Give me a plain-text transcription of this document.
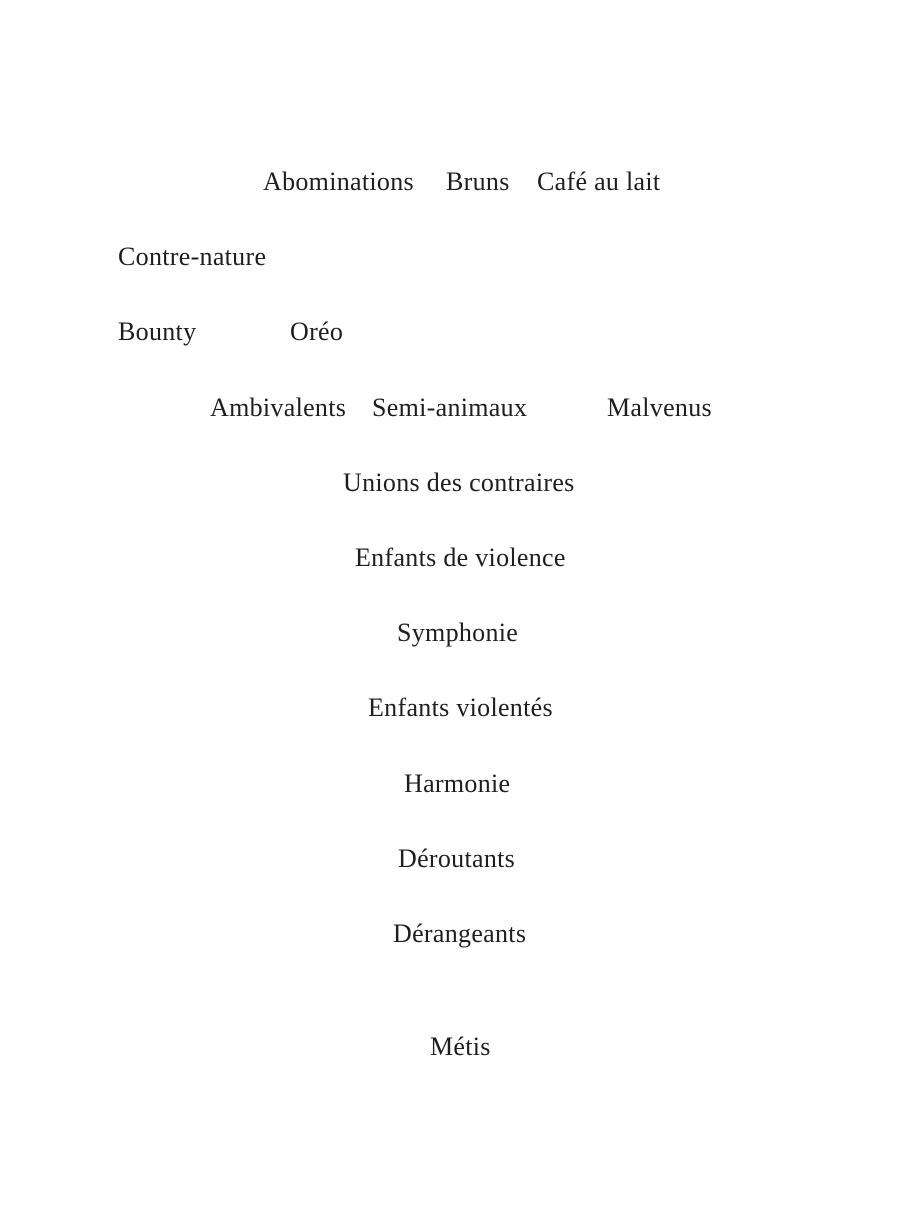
Abominations Bruns Café au lait
Contre-nature
Bounty	Oréo
Ambivalents Semi-animaux	Malvenus
Unions des contraires
Enfants de violence
Symphonie
Enfants violentés
Harmonie
Déroutants
Dérangeants
Métis
